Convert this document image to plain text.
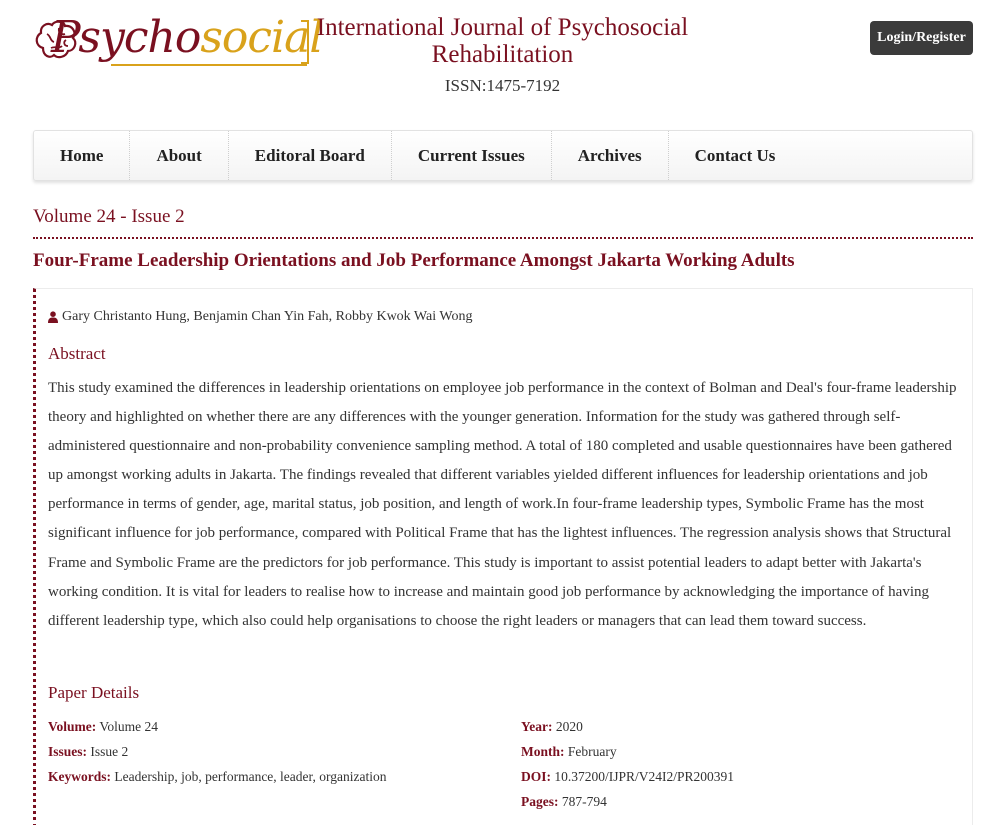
Psychosocial
International Journal of Psychosocial Rehabilitation
ISSN:1475-7192
Login/Register
Home	About	Editoral Board	Current Issues	Archives	Contact Us
Volume 24 - Issue 2
Four-Frame Leadership Orientations and Job Performance Amongst Jakarta Working Adults
Gary Christanto Hung, Benjamin Chan Yin Fah, Robby Kwok Wai Wong
Abstract
This study examined the differences in leadership orientations on employee job performance in the context of Bolman and Deal's four-frame leadership theory and highlighted on whether there are any differences with the younger generation. Information for the study was gathered through self-administered questionnaire and non-probability convenience sampling method. A total of 180 completed and usable questionnaires have been gathered up amongst working adults in Jakarta. The findings revealed that different variables yielded different influences for leadership orientations and job performance in terms of gender, age, marital status, job position, and length of work.In four-frame leadership types, Symbolic Frame has the most significant influence for job performance, compared with Political Frame that has the lightest influences. The regression analysis shows that Structural Frame and Symbolic Frame are the predictors for job performance. This study is important to assist potential leaders to adapt better with Jakarta's working condition. It is vital for leaders to realise how to increase and maintain good job performance by acknowledging the importance of having different leadership type, which also could help organisations to choose the right leaders or managers that can lead them toward success.
Paper Details
Volume: Volume 24
Issues: Issue 2
Keywords: Leadership, job, performance, leader, organization
Year: 2020
Month: February
DOI: 10.37200/IJPR/V24I2/PR200391
Pages: 787-794
